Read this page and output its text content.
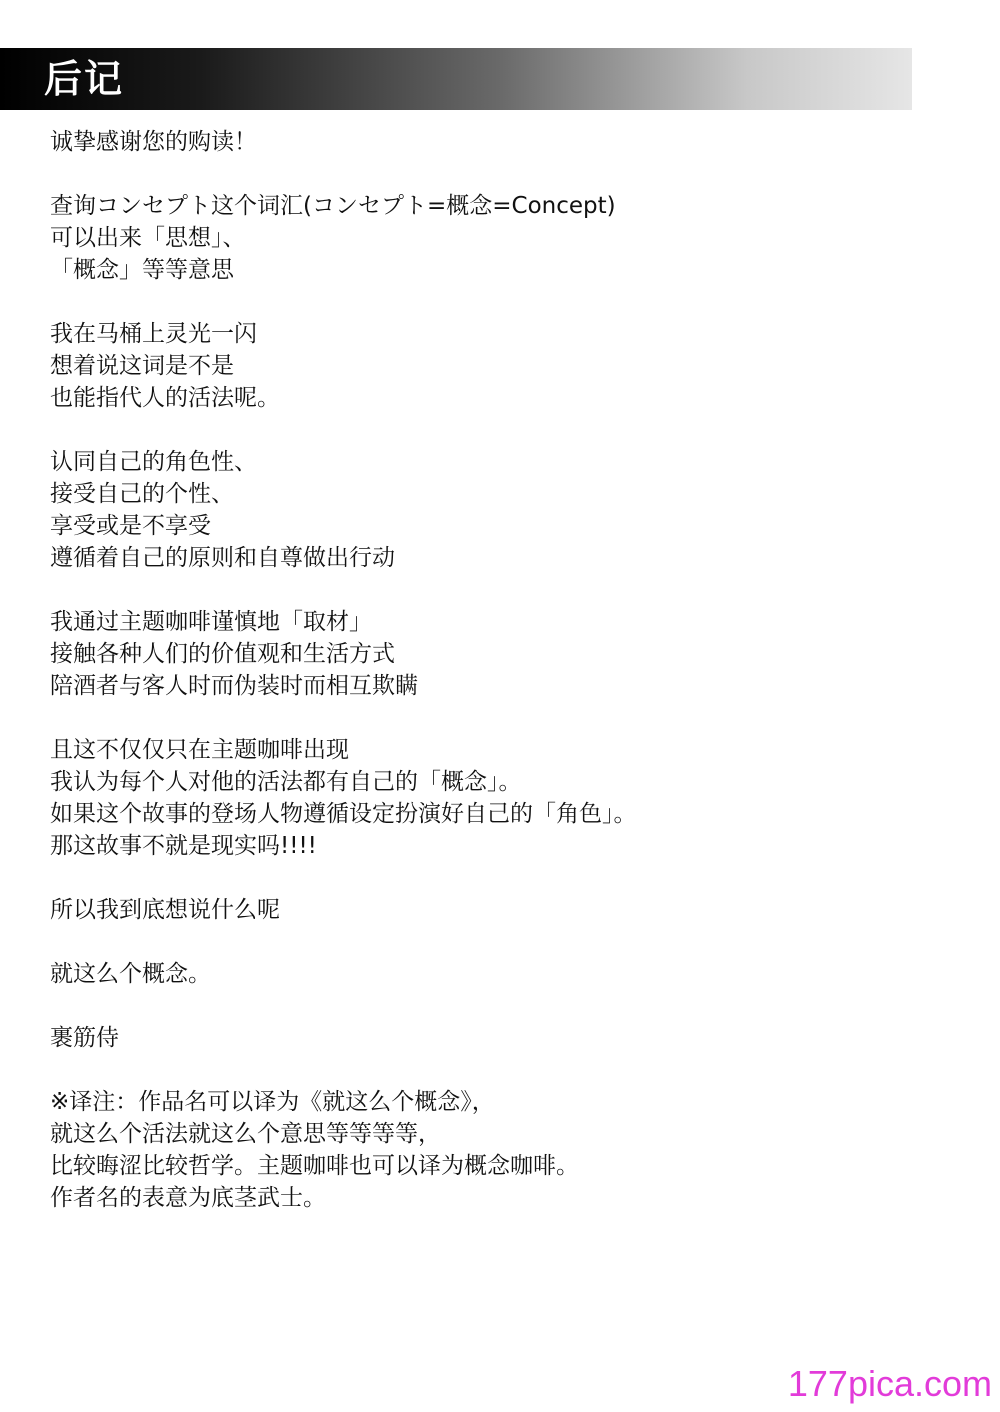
后记
诚挚感谢您的购读！
查询コンセプト这个词汇(コンセプト=概念=Concept)
可以出来「思想」、
「概念」等等意思
我在马桶上灵光一闪
想着说这词是不是
也能指代人的活法呢。
认同自己的角色性、
接受自己的个性、
享受或是不享受
遵循着自己的原则和自尊做出行动
我通过主题咖啡谨慎地「取材」
接触各种人们的价值观和生活方式
陪酒者与客人时而伪装时而相互欺瞒
且这不仅仅只在主题咖啡出现
我认为每个人对他的活法都有自己的「概念」。
如果这个故事的登场人物遵循设定扮演好自己的「角色」。
那这故事不就是现实吗!!!!
所以我到底想说什么呢
就这么个概念。
裹筋侍
※译注：作品名可以译为《就这么个概念》，
就这么个活法就这么个意思等等等等，
比较晦涩比较哲学。主题咖啡也可以译为概念咖啡。
作者名的表意为底茎武士。
177pica.com
